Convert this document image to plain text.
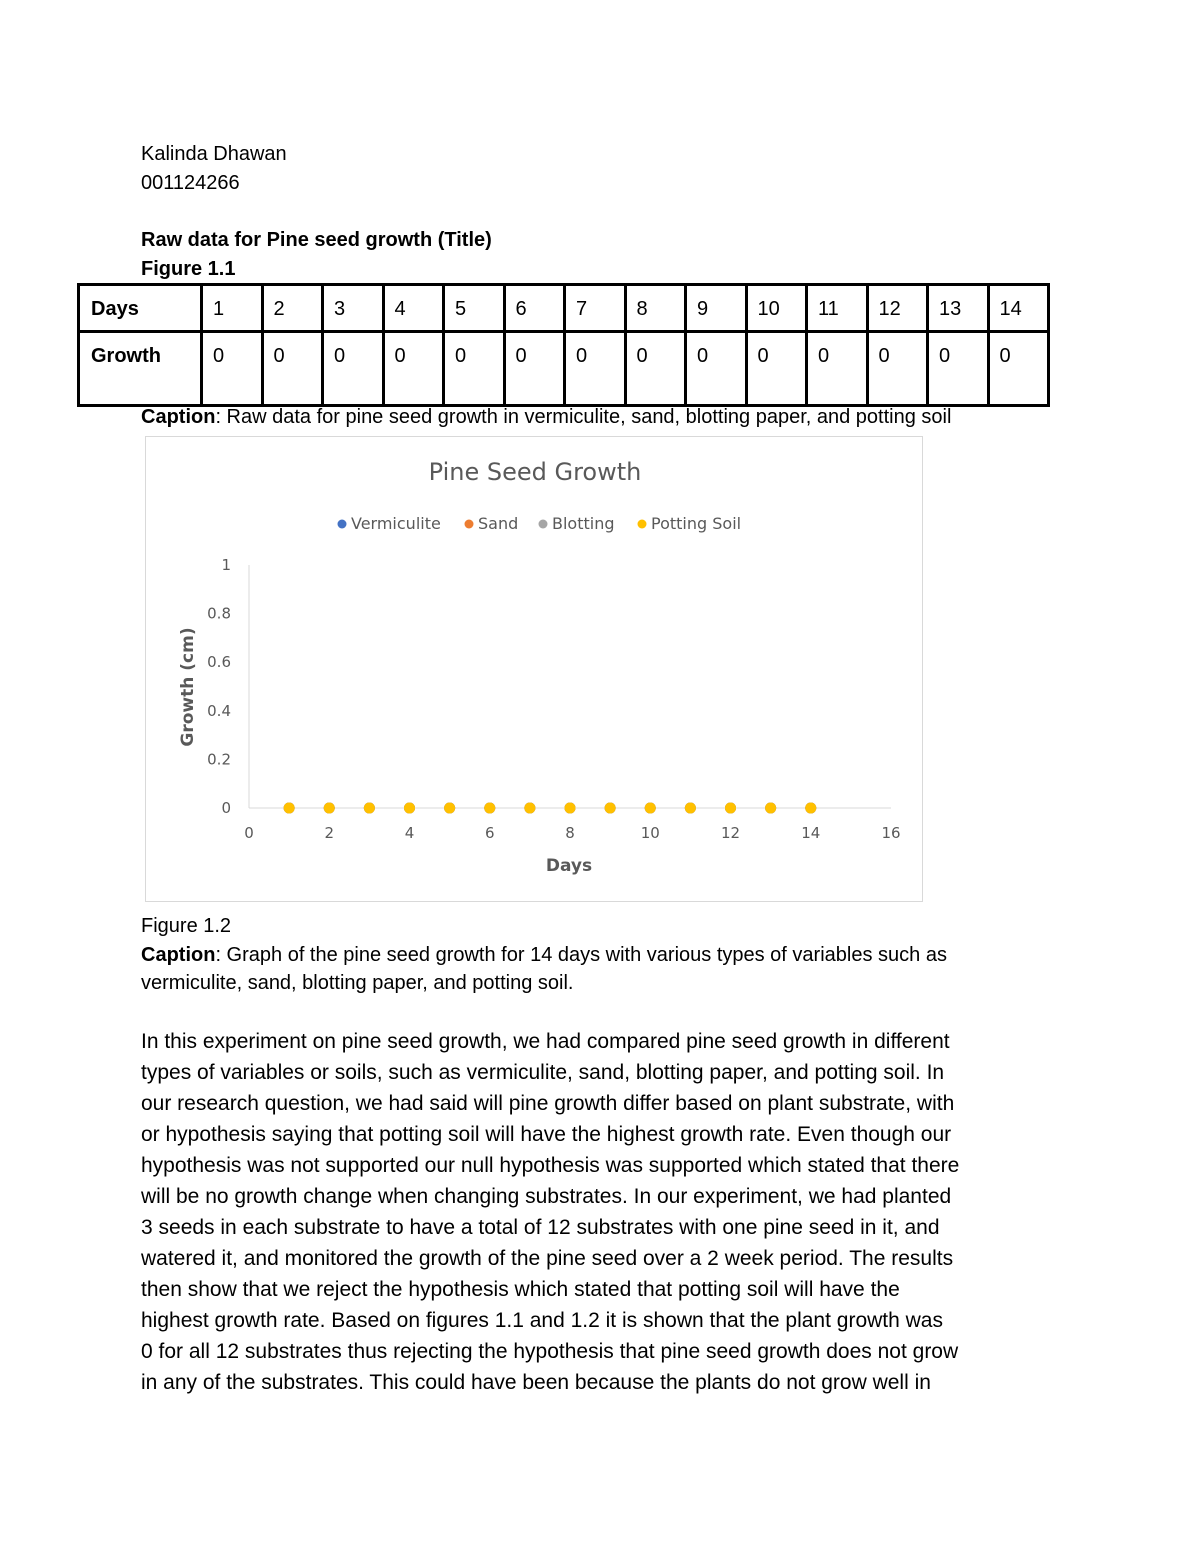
Kalinda Dhawan
001124266
Raw data for Pine seed growth (Title)
Figure 1.1
Days	1	2	3	4	5	6	7	8	9	10	11	12	13	14
Growth	0	0	0	0	0	0	0	0	0	0	0	0	0	0
Caption: Raw data for pine seed growth in vermiculite, sand, blotting paper, and potting soil
Pine Seed Growth
Vermiculite Sand Blotting Potting Soil
0	2	4	6	8	10	12	14	16
0
0.2
0.4
0.6
0.8
1
Days
Growth (cm)
Figure 1.2
Caption: Graph of the pine seed growth for 14 days with various types of variables such as
vermiculite, sand, blotting paper, and potting soil.
In this experiment on pine seed growth, we had compared pine seed growth in different
types of variables or soils, such as vermiculite, sand, blotting paper, and potting soil. In
our research question, we had said will pine growth differ based on plant substrate, with
or hypothesis saying that potting soil will have the highest growth rate. Even though our
hypothesis was not supported our null hypothesis was supported which stated that there
will be no growth change when changing substrates. In our experiment, we had planted
3 seeds in each substrate to have a total of 12 substrates with one pine seed in it, and
watered it, and monitored the growth of the pine seed over a 2 week period. The results
then show that we reject the hypothesis which stated that potting soil will have the
highest growth rate. Based on figures 1.1 and 1.2 it is shown that the plant growth was
0 for all 12 substrates thus rejecting the hypothesis that pine seed growth does not grow
in any of the substrates. This could have been because the plants do not grow well in
